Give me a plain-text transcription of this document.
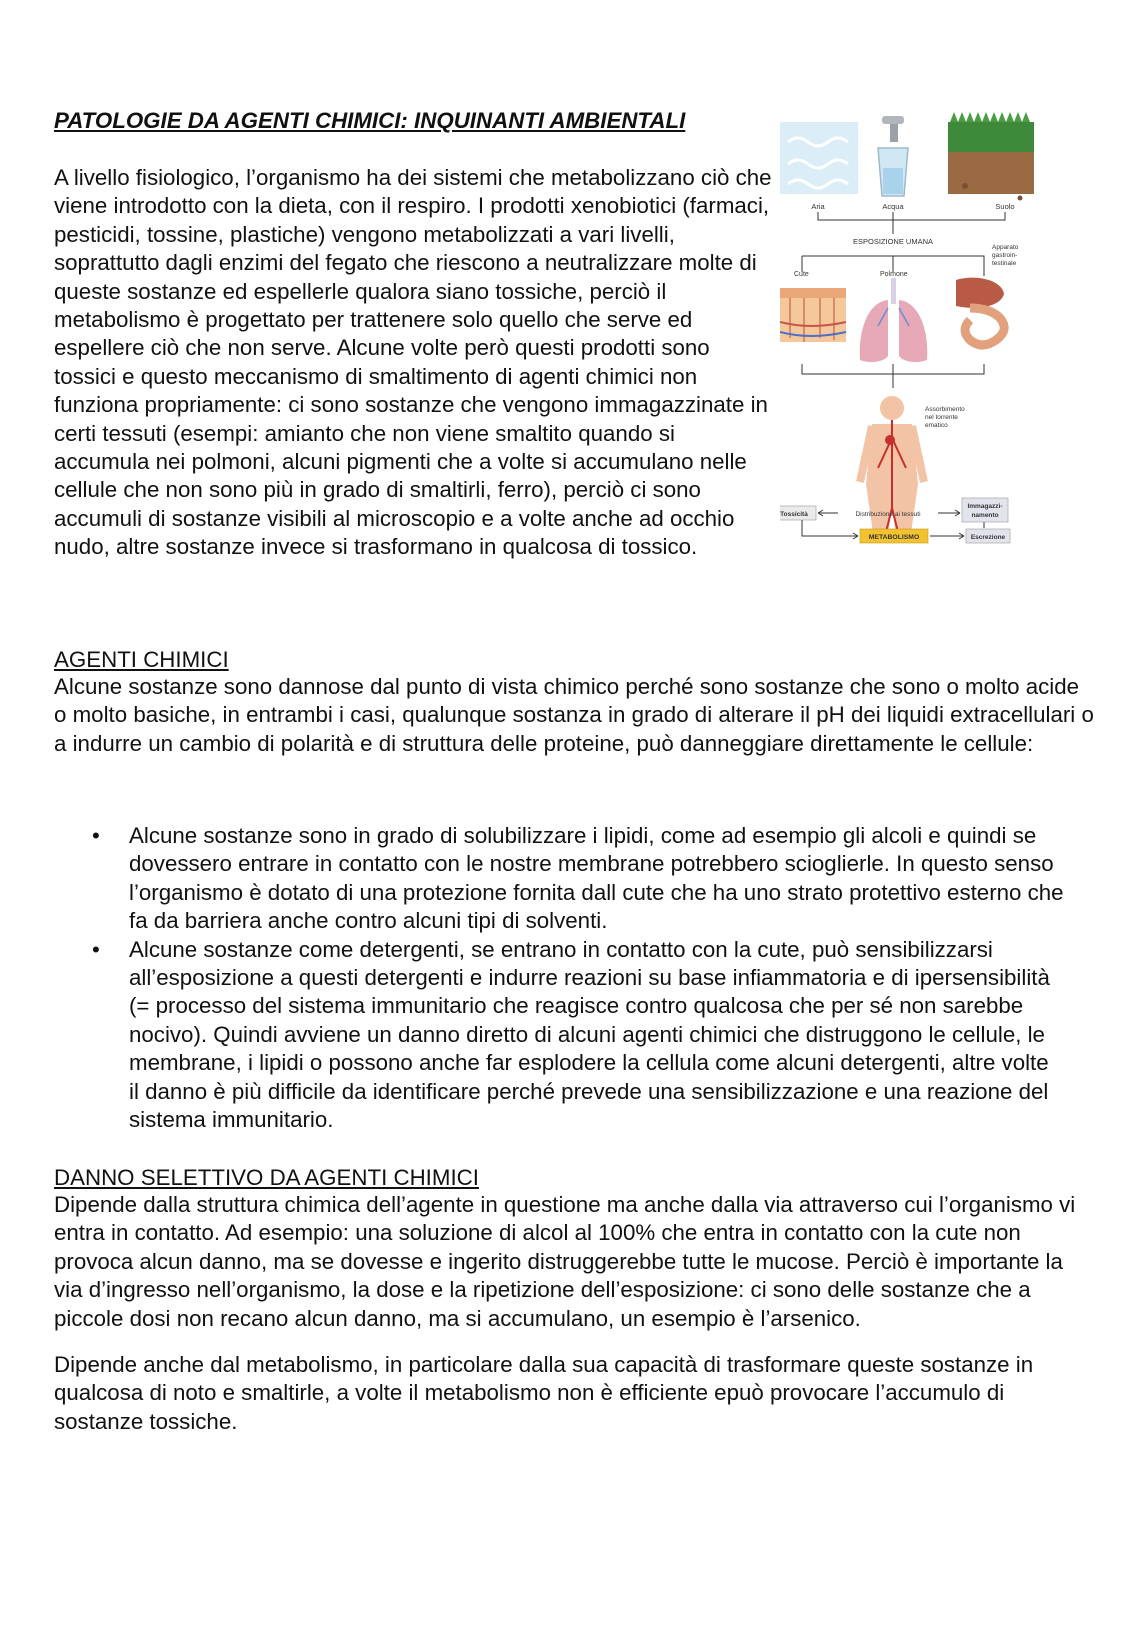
PATOLOGIE DA AGENTI CHIMICI: INQUINANTI AMBIENTALI

A livello fisiologico, l’organismo ha dei sistemi che metabolizzano ciò che viene introdotto con la dieta, con il respiro. I prodotti xenobiotici (farmaci, pesticidi, tossine, plastiche) vengono metabolizzati a vari livelli, soprattutto dagli enzimi del fegato che riescono a neutralizzare molte di queste sostanze ed espellerle qualora siano tossiche, perciò il metabolismo è progettato per trattenere solo quello che serve ed espellere ciò che non serve. Alcune volte però questi prodotti sono tossici e questo meccanismo di smaltimento di agenti chimici non funziona propriamente: ci sono sostanze che vengono immagazzinate in certi tessuti (esempi: amianto che non viene smaltito quando si accumula nei polmoni, alcuni pigmenti che a volte si accumulano nelle cellule che non sono più in grado di smaltirli, ferro), perciò ci sono accumuli di sostanze visibili al microscopio e a volte anche ad occhio nudo, altre sostanze invece si trasformano in qualcosa di tossico.

Aria	Acqua	Suolo
ESPOSIZIONE UMANA
Apparato
gastroin-
testinale
Cute	Polmone
Assorbimento
nel torrente
ematico
Tossicità	Distribuzione ai tessuti
Immagazzi-
namento
METABOLISMO	Escrezione
AGENTI CHIMICI

Alcune sostanze sono dannose dal punto di vista chimico perché sono sostanze che sono o molto acide o molto basiche, in entrambi i casi, qualunque sostanza in grado di alterare il pH dei liquidi extracellulari o a indurre un cambio di polarità e di struttura delle proteine, può danneggiare direttamente le cellule:

• Alcune sostanze sono in grado di solubilizzare i lipidi, come ad esempio gli alcoli e quindi se dovessero entrare in contatto con le nostre membrane potrebbero scioglierle. In questo senso l’organismo è dotato di una protezione fornita dall cute che ha uno strato protettivo esterno che fa da barriera anche contro alcuni tipi di solventi.
• Alcune sostanze come detergenti, se entrano in contatto con la cute, può sensibilizzarsi all’esposizione a questi detergenti e indurre reazioni su base infiammatoria e di ipersensibilità (= processo del sistema immunitario che reagisce contro qualcosa che per sé non sarebbe nocivo). Quindi avviene un danno diretto di alcuni agenti chimici che distruggono le cellule, le membrane, i lipidi o possono anche far esplodere la cellula come alcuni detergenti, altre volte il danno è più difficile da identificare perché prevede una sensibilizzazione e una reazione del sistema immunitario.
DANNO SELETTIVO DA AGENTI CHIMICI

Dipende dalla struttura chimica dell’agente in questione ma anche dalla via attraverso cui l’organismo vi entra in contatto. Ad esempio: una soluzione di alcol al 100% che entra in contatto con la cute non provoca alcun danno, ma se dovesse e ingerito distruggerebbe tutte le mucose. Perciò è importante la via d’ingresso nell’organismo, la dose e la ripetizione dell’esposizione: ci sono delle sostanze che a piccole dosi non recano alcun danno, ma si accumulano, un esempio è l’arsenico.

Dipende anche dal metabolismo, in particolare dalla sua capacità di trasformare queste sostanze in qualcosa di noto e smaltirle, a volte il metabolismo non è efficiente epuò provocare l’accumulo di sostanze tossiche.
